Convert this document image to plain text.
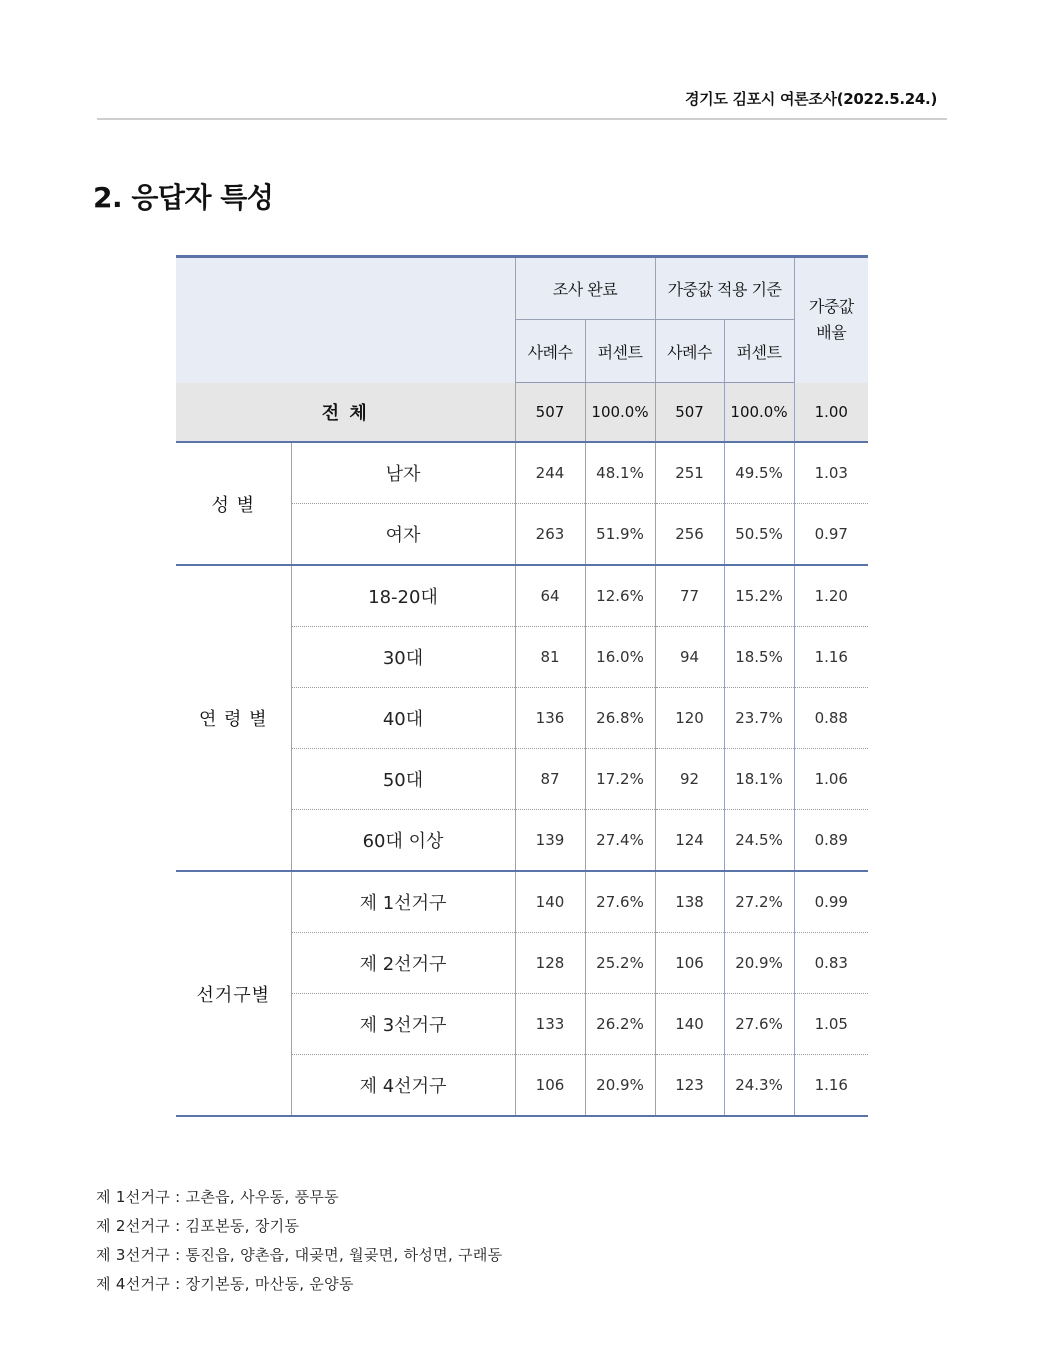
경기도 김포시 여론조사(2022.5.24.)
2. 응답자 특성
		조사 완료		가중값 적용 기준		가중값
배율
		사례수	퍼센트	사례수	퍼센트	
전 체		507	100.0%	507	100.0%	1.00
성 별	남자	244	48.1%	251	49.5%	1.03
	여자	263	51.9%	256	50.5%	0.97
연 령 별	18-20대	64	12.6%	77	15.2%	1.20
	30대	81	16.0%	94	18.5%	1.16
	40대	136	26.8%	120	23.7%	0.88
	50대	87	17.2%	92	18.1%	1.06
	60대 이상	139	27.4%	124	24.5%	0.89
선거구별	제 1선거구	140	27.6%	138	27.2%	0.99
	제 2선거구	128	25.2%	106	20.9%	0.83
	제 3선거구	133	26.2%	140	27.6%	1.05
	제 4선거구	106	20.9%	123	24.3%	1.16
제 1선거구 : 고촌읍, 사우동, 풍무동
제 2선거구 : 김포본동, 장기동
제 3선거구 : 통진읍, 양촌읍, 대곶면, 월곶면, 하성면, 구래동
제 4선거구 : 장기본동, 마산동, 운양동
